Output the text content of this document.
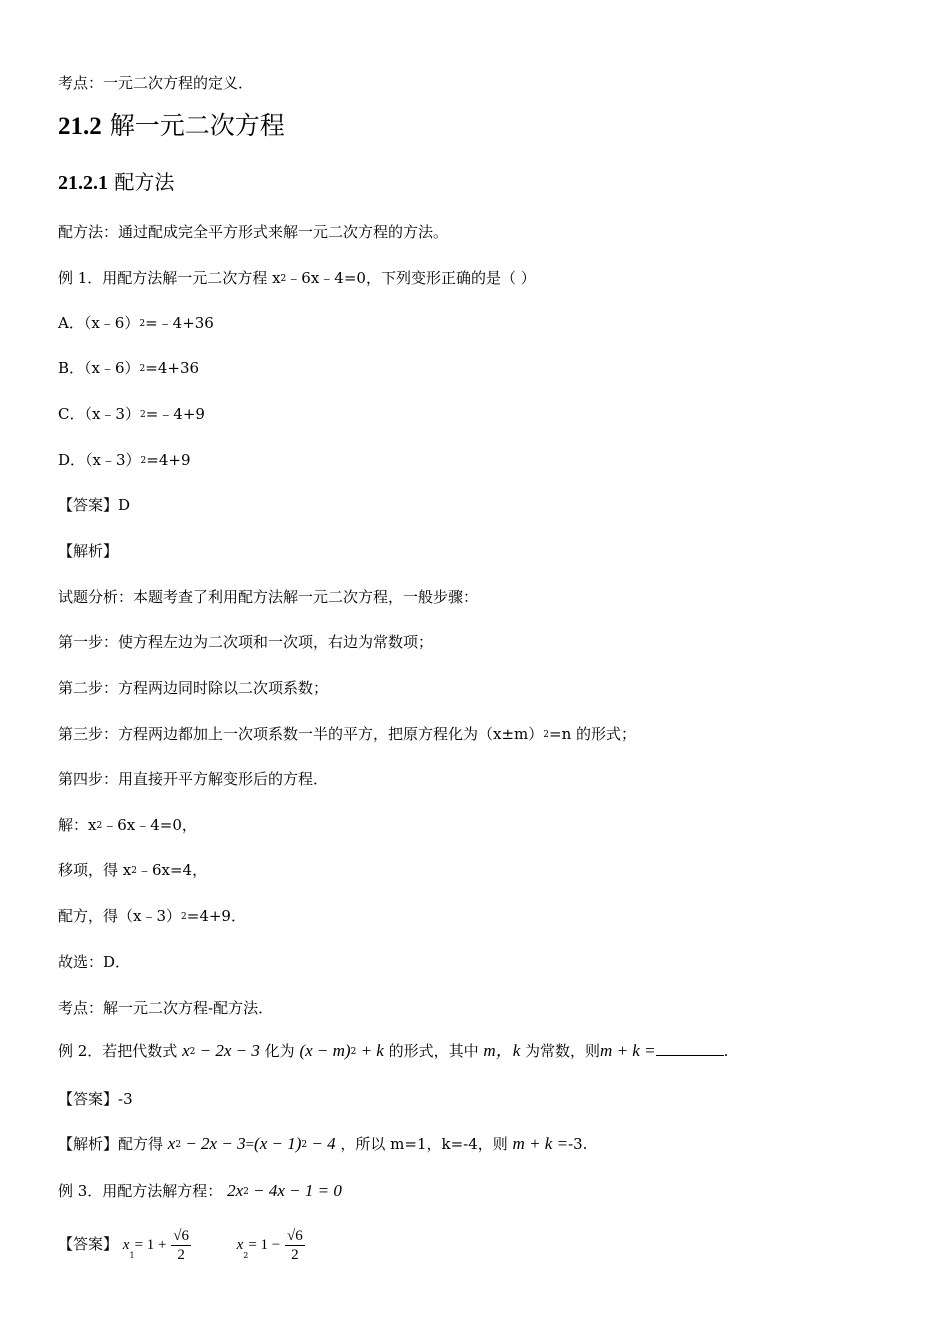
考点：一元二次方程的定义．
21.2 解一元二次方程
21.2.1 配方法
配方法：通过配成完全平方形式来解一元二次方程的方法。
例 1．用配方法解一元二次方程 x2﹣6x﹣4=0，下列变形正确的是（ ）
A．（x﹣6）2=﹣4+36
B．（x﹣6）2=4+36
C．（x﹣3）2=﹣4+9
D．（x﹣3）2=4+9
【答案】D
【解析】
试题分析：本题考查了利用配方法解一元二次方程，一般步骤：
第一步：使方程左边为二次项和一次项，右边为常数项；
第二步：方程两边同时除以二次项系数；
第三步：方程两边都加上一次项系数一半的平方，把原方程化为（x±m）2=n 的形式；
第四步：用直接开平方解变形后的方程．
解：x2﹣6x﹣4=0，
移项，得 x2﹣6x=4，
配方，得（x﹣3）2=4+9．
故选：D．
考点：解一元二次方程-配方法．
例 2．若把代数式 x2 − 2x − 3 化为 (x − m)2 + k 的形式，其中 m，k 为常数，则m + k =	.
【答案】-3
【解析】配方得 x2 − 2x − 3=(x − 1)2 − 4 ，所以 m=1，k=-4，则 m + k =-3.
例 3．用配方法解方程： 2x2 − 4x − 1 = 0
【答案】 $x_1= 1 + \frac{√6}{2}$	$x_2= 1 - \frac{√6}{2}$
